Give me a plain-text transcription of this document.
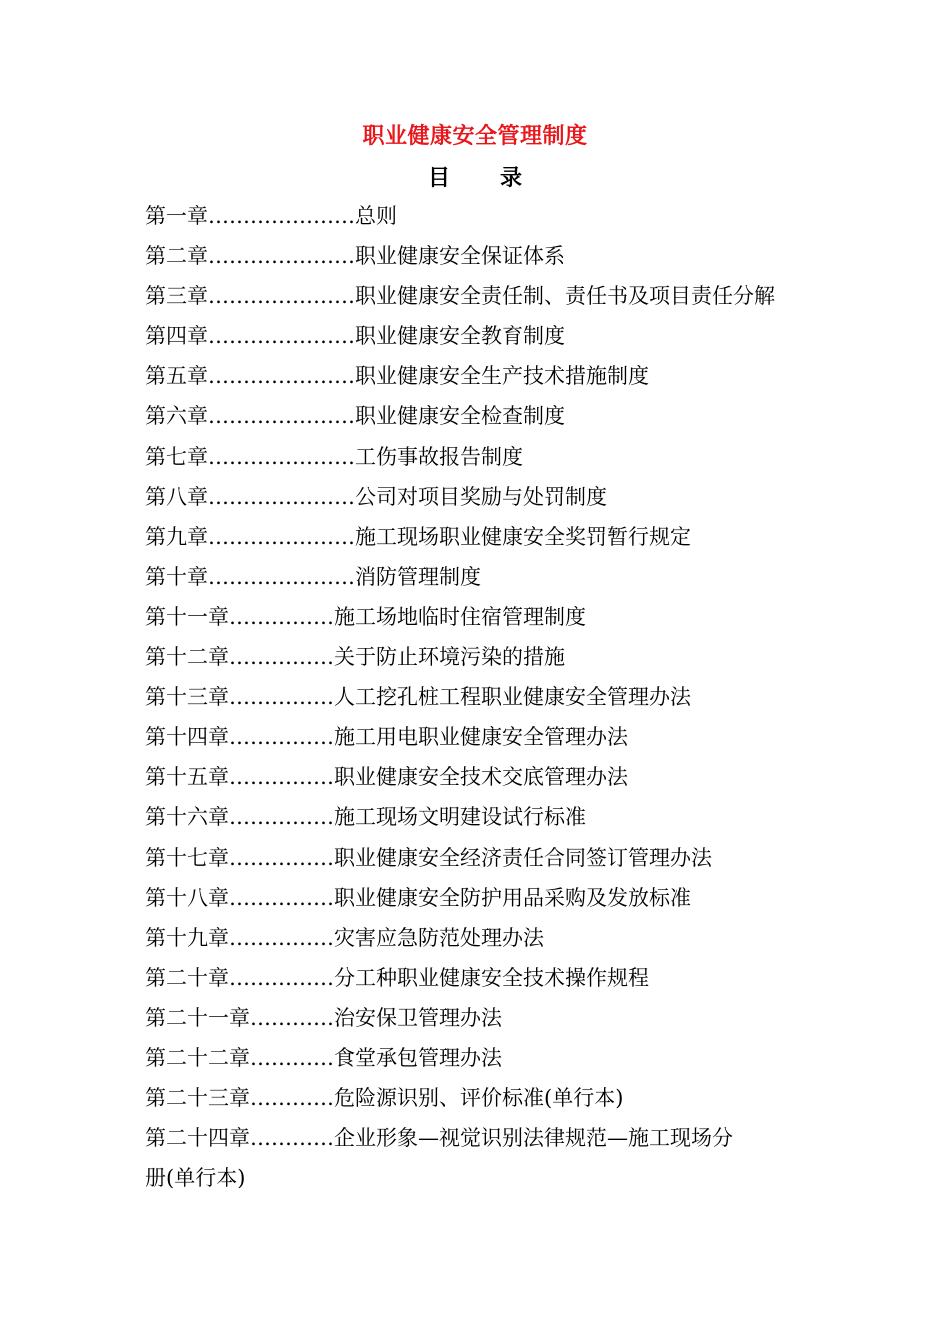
职业健康安全管理制度
目 录
第一章…………………总则
第二章…………………职业健康安全保证体系
第三章…………………职业健康安全责任制、责任书及项目责任分解
第四章…………………职业健康安全教育制度
第五章…………………职业健康安全生产技术措施制度
第六章…………………职业健康安全检查制度
第七章…………………工伤事故报告制度
第八章…………………公司对项目奖励与处罚制度
第九章…………………施工现场职业健康安全奖罚暂行规定
第十章…………………消防管理制度
第十一章……………施工场地临时住宿管理制度
第十二章……………关于防止环境污染的措施
第十三章……………人工挖孔桩工程职业健康安全管理办法
第十四章……………施工用电职业健康安全管理办法
第十五章……………职业健康安全技术交底管理办法
第十六章……………施工现场文明建设试行标准
第十七章……………职业健康安全经济责任合同签订管理办法
第十八章……………职业健康安全防护用品采购及发放标准
第十九章……………灾害应急防范处理办法
第二十章……………分工种职业健康安全技术操作规程
第二十一章…………治安保卫管理办法
第二十二章…………食堂承包管理办法
第二十三章…………危险源识别、评价标准(单行本)
第二十四章…………企业形象—视觉识别法律规范—施工现场分
册(单行本)
